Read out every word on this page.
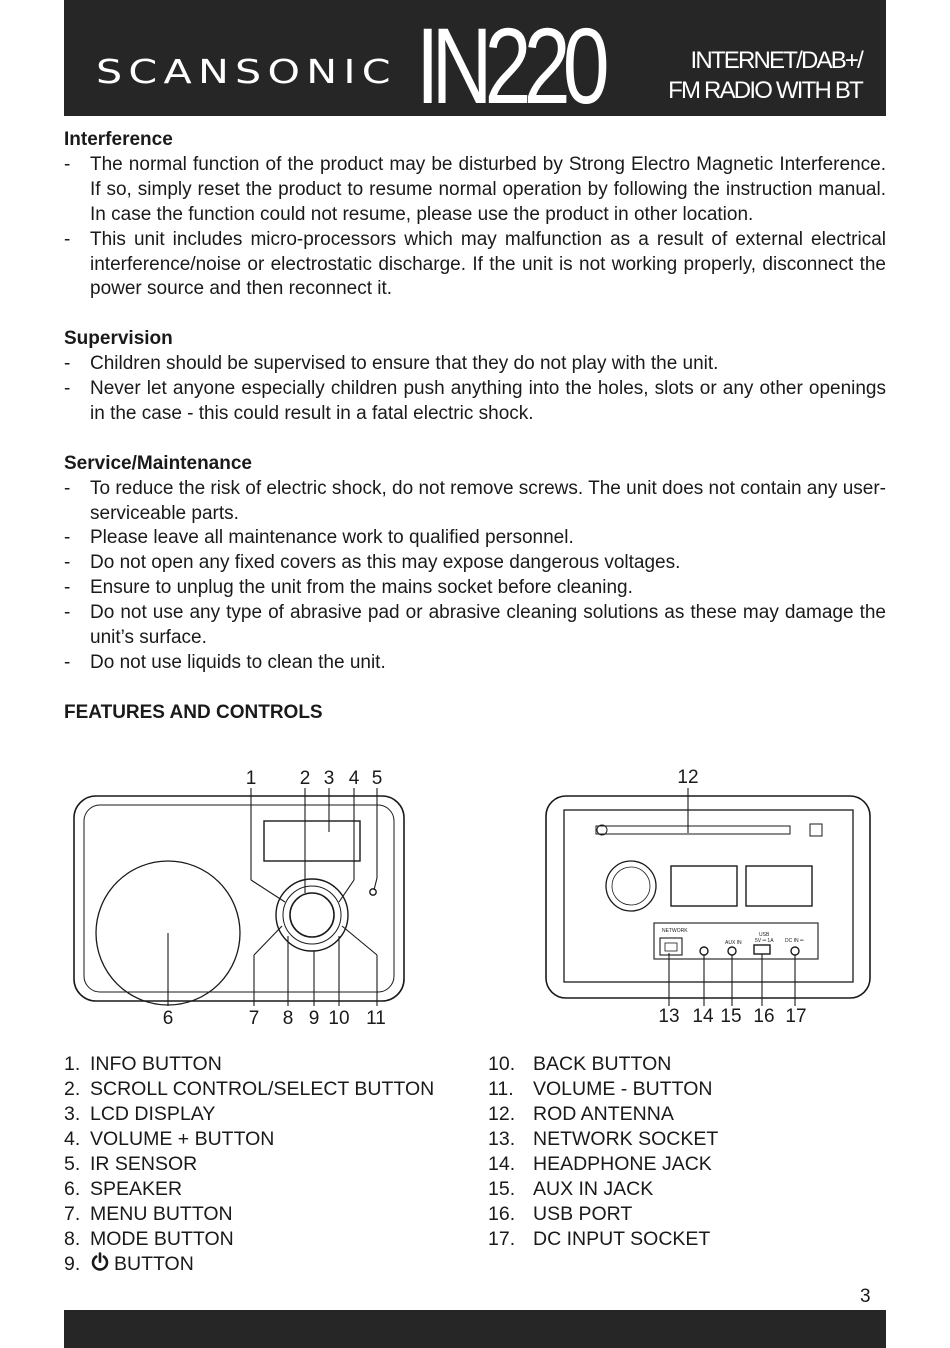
SCANSONIC IN220	INTERNET/DAB+/
FM RADIO WITH BT

Interference

- The normal function of the product may be disturbed by Strong Electro Magnetic Interference. If so, simply reset the product to resume normal operation by following the instruction manual. In case the function could not resume, please use the product in other location.
- This unit includes micro-processors which may malfunction as a result of external electrical interference/noise or electrostatic discharge. If the unit is not working properly, disconnect the power source and then reconnect it.

Supervision

- Children should be supervised to ensure that they do not play with the unit.
- Never let anyone especially children push anything into the holes, slots or any other openings in the case - this could result in a fatal electric shock.

Service/Maintenance

- To reduce the risk of electric shock, do not remove screws. The unit does not contain any user-serviceable parts.
- Please leave all maintenance work to qualified personnel.
- Do not open any fixed covers as this may expose dangerous voltages.
- Ensure to unplug the unit from the mains socket before cleaning.
- Do not use any type of abrasive pad or abrasive cleaning solutions as these may damage the unit’s surface.
- Do not use liquids to clean the unit.

FEATURES AND CONTROLS

NETWORK
AUX IN
USB
5V ═ 1A DC IN ═
1 2 3 4 5
6	7 8 9 10 11
12
13 14 15 16 17
1. INFO BUTTON
2. SCROLL CONTROL/SELECT BUTTON
3. LCD DISPLAY
4. VOLUME + BUTTON
5. IR SENSOR
6. SPEAKER
7. MENU BUTTON
8. MODE BUTTON
9. BUTTON
10. BACK BUTTON
11. VOLUME - BUTTON
12. ROD ANTENNA
13. NETWORK SOCKET
14. HEADPHONE JACK
15. AUX IN JACK
16. USB PORT
17. DC INPUT SOCKET
3
